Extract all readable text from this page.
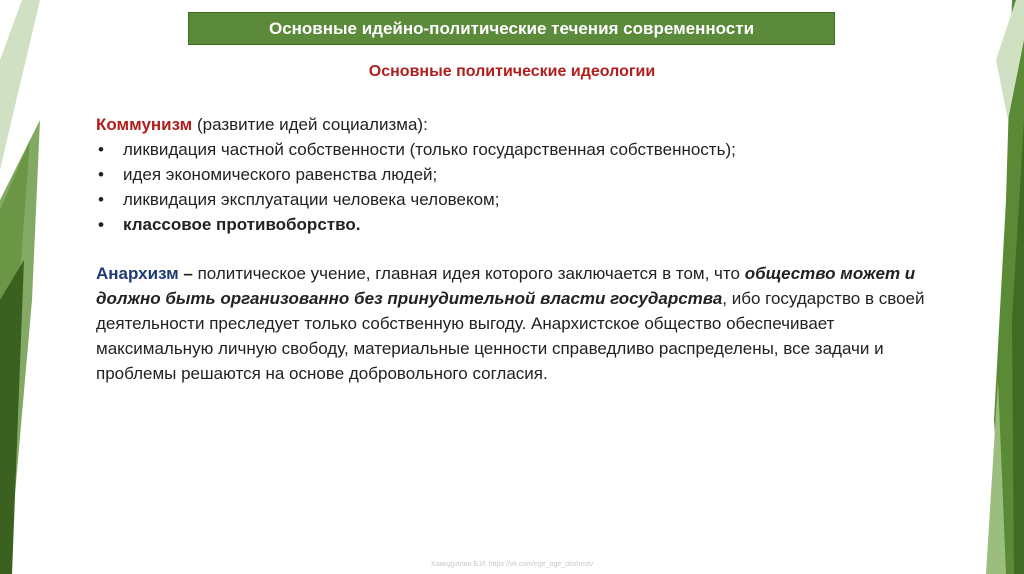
Основные идейно-политические течения современности
Основные политические идеологии
Коммунизм (развитие идей социализма):
• ликвидация частной собственности (только государственная собственность);
• идея экономического равенства людей;
• ликвидация эксплуатации человека человеком;
• классовое противоборство.
Анархизм – политическое учение, главная идея которого заключается в том, что общество может и должно быть организованно без принудительной власти государства, ибо государство в своей деятельности преследует только собственную выгоду. Анархистское общество обеспечивает максимальную личную свободу, материальные ценности справедливо распределены, все задачи и проблемы решаются на основе добровольного согласия.
Хамидуллин Б.И. https://vk.com/ege_oge_obshestv
